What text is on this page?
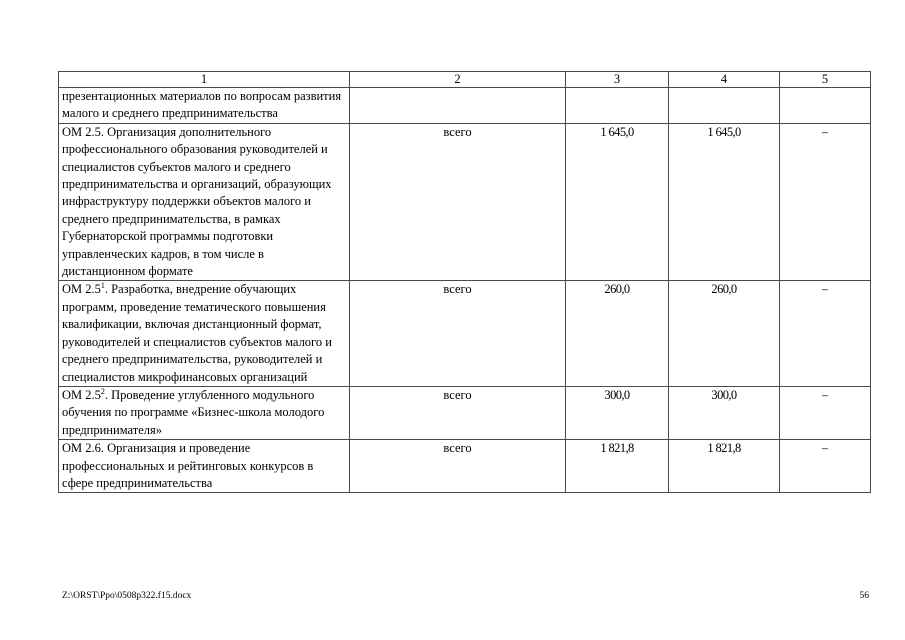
1	2	3	4	5
презентационных материалов по вопросам развития малого и среднего предпринимательства				
ОМ 2.5. Организация дополнительного профессионального образования руководителей и специалистов субъектов малого и среднего предпринимательства и организаций, образующих инфраструктуру поддержки объектов малого и среднего предпринимательства, в рамках Губернаторской программы подготовки управленческих кадров, в том числе в дистанционном формате	всего	1 645,0	1 645,0	–
ОМ $2.5^1$. Разработка, внедрение обучающих программ, проведение тематического повышения квалификации, включая дистанционный формат, руководителей и специалистов субъектов малого и среднего предпринимательства, руководителей и специалистов микрофинансовых организаций	всего	260,0	260,0	–
ОМ $2.5^2$. Проведение углубленного модульного обучения по программе «Бизнес-школа молодого предпринимателя»	всего	300,0	300,0	–
ОМ 2.6. Организация и проведение профессиональных и рейтинговых конкурсов в сфере предпринимательства	всего	1 821,8	1 821,8	–
Z:\ORST\Ppo\0508p322.f15.docx	56
